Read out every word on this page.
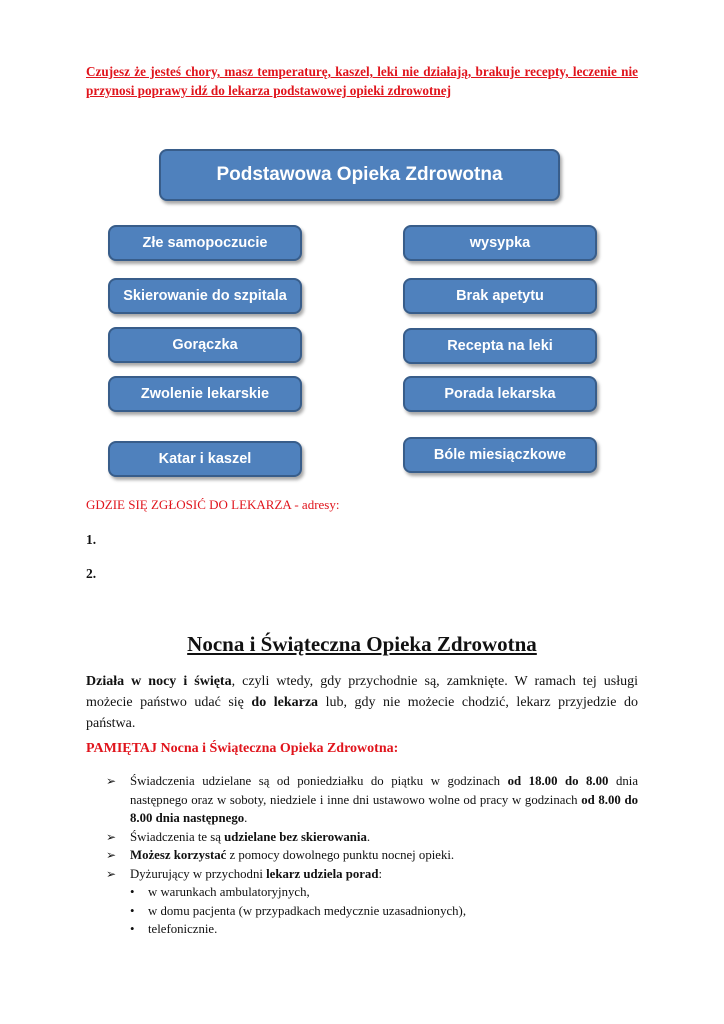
Czujesz że jesteś chory, masz temperaturę, kaszel, leki nie działają, brakuje recepty, leczenie nie przynosi poprawy idź do lekarza podstawowej opieki zdrowotnej
Podstawowa Opieka Zdrowotna
Złe samopoczucie
Skierowanie do szpitala
Gorączka
Zwolenie lekarskie
Katar i kaszel
wysypka
Brak apetytu
Recepta na leki
Porada lekarska
Bóle miesiączkowe
GDZIE SIĘ ZGŁOSIĆ DO LEKARZA - adresy:
1.
2.
Nocna i Świąteczna Opieka Zdrowotna
Działa w nocy i święta, czyli wtedy, gdy przychodnie są, zamknięte. W ramach tej usługi możecie państwo udać się do lekarza lub, gdy nie możecie chodzić, lekarz przyjedzie do państwa.
PAMIĘTAJ Nocna i Świąteczna Opieka Zdrowotna:
➢	Świadczenia udzielane są od poniedziałku do piątku w godzinach od 18.00 do 8.00 dnia następnego oraz w soboty, niedziele i inne dni ustawowo wolne od pracy w godzinach od 8.00 do 8.00 dnia następnego.
➢	Świadczenia te są udzielane bez skierowania.
➢	Możesz korzystać z pomocy dowolnego punktu nocnej opieki.
➢	Dyżurujący w przychodni lekarz udziela porad:
•	w warunkach ambulatoryjnych,
•	w domu pacjenta (w przypadkach medycznie uzasadnionych),
•	telefonicznie.
